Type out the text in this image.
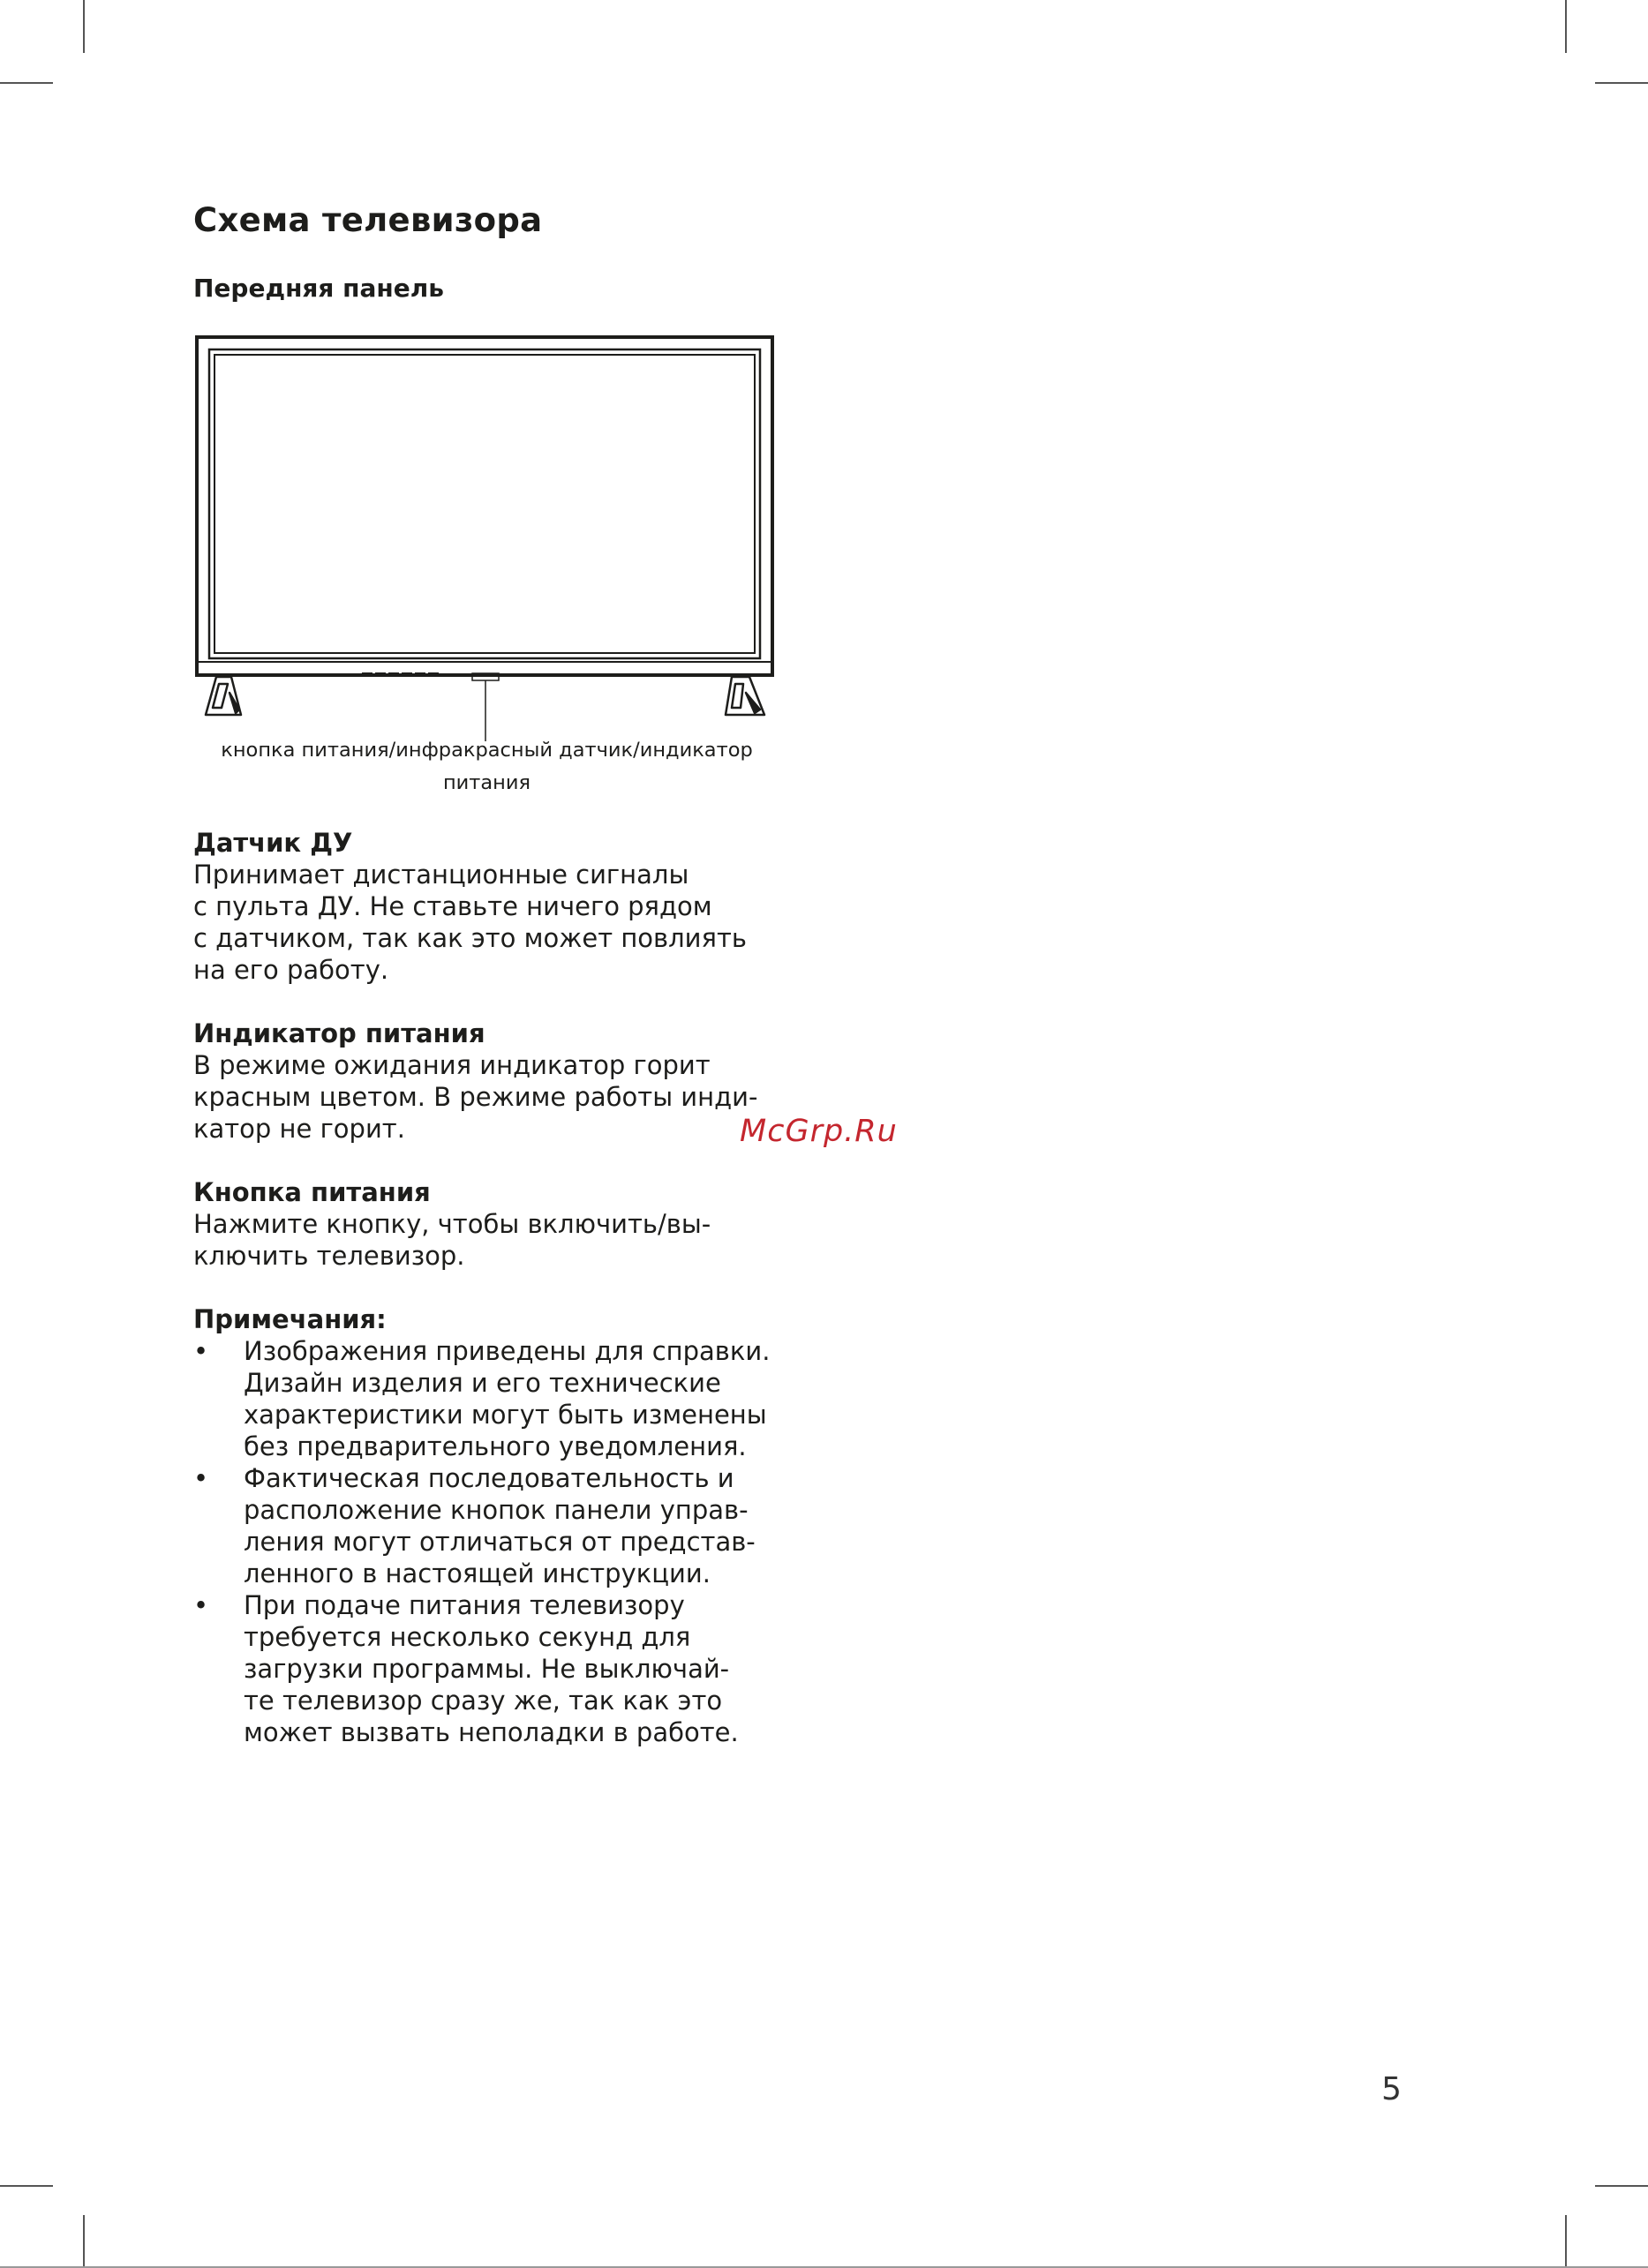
Схема телевизора
Передняя панель
кнопка питания/инфракрасный датчик/индикатор питания
Датчик ДУ

Принимает дистанционные сигналы
с пульта ДУ. Не ставьте ничего рядом
с датчиком, так как это может повлиять
на его работу.

Индикатор питания

В режиме ожидания индикатор горит
красным цветом. В режиме работы инди-
катор не горит.

Кнопка питания

Нажмите кнопку, чтобы включить/вы-
ключить телевизор.

Примечания:
• Изображения приведены для справки.
Дизайн изделия и его технические
характеристики могут быть изменены
без предварительного уведомления.
• Фактическая последовательность и
расположение кнопок панели управ-
ления могут отличаться от представ-
ленного в настоящей инструкции.
• При подаче питания телевизору
требуется несколько секунд для
загрузки программы. Не выключай-
те телевизор сразу же, так как это
может вызвать неполадки в работе.
McGrp.Ru
5
